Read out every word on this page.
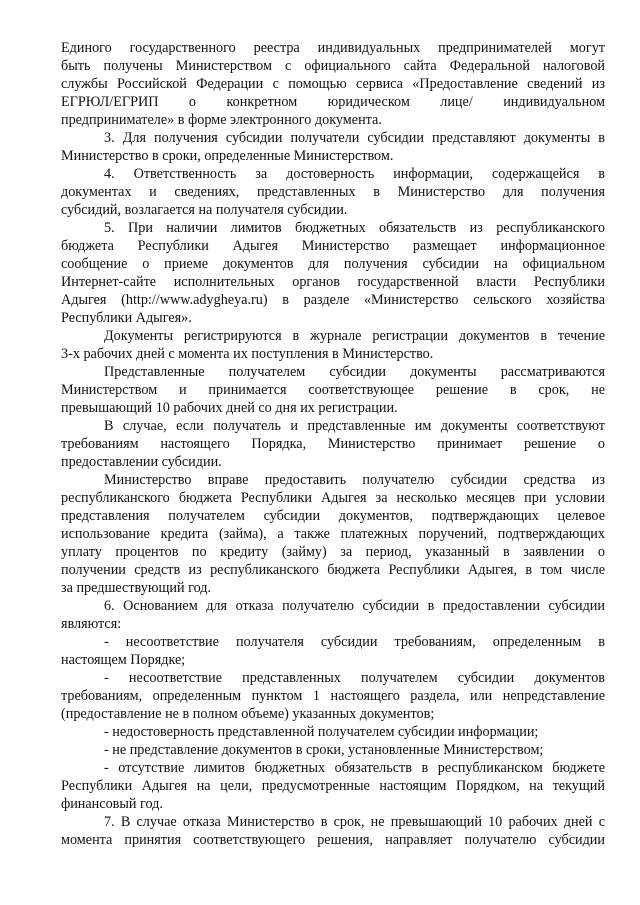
Единого государственного реестра индивидуальных предпринимателей могут
быть получены Министерством с официального сайта Федеральной налоговой
службы Российской Федерации с помощью сервиса «Предоставление сведений из
ЕГРЮЛ/ЕГРИП о конкретном юридическом лице/ индивидуальном
предпринимателе» в форме электронного документа.
3. Для получения субсидии получатели субсидии представляют документы в
Министерство в сроки, определенные Министерством.
4. Ответственность за достоверность информации, содержащейся в
документах и сведениях, представленных в Министерство для получения
субсидий, возлагается на получателя субсидии.
5. При наличии лимитов бюджетных обязательств из республиканского
бюджета Республики Адыгея Министерство размещает информационное
сообщение о приеме документов для получения субсидии на официальном
Интернет-сайте исполнительных органов государственной власти Республики
Адыгея (http://www.adygheya.ru) в разделе «Министерство сельского хозяйства
Республики Адыгея».
Документы регистрируются в журнале регистрации документов в течение
3-х рабочих дней с момента их поступления в Министерство.
Представленные получателем субсидии документы рассматриваются
Министерством и принимается соответствующее решение в срок, не
превышающий 10 рабочих дней со дня их регистрации.
В случае, если получатель и представленные им документы соответствуют
требованиям настоящего Порядка, Министерство принимает решение о
предоставлении субсидии.
Министерство вправе предоставить получателю субсидии средства из
республиканского бюджета Республики Адыгея за несколько месяцев при условии
представления получателем субсидии документов, подтверждающих целевое
использование кредита (займа), а также платежных поручений, подтверждающих
уплату процентов по кредиту (займу) за период, указанный в заявлении о
получении средств из республиканского бюджета Республики Адыгея, в том числе
за предшествующий год.
6. Основанием для отказа получателю субсидии в предоставлении субсидии
являются:
- несоответствие получателя субсидии требованиям, определенным в
настоящем Порядке;
- несоответствие представленных получателем субсидии документов
требованиям, определенным пунктом 1 настоящего раздела, или непредставление
(предоставление не в полном объеме) указанных документов;
- недостоверность представленной получателем субсидии информации;
- не представление документов в сроки, установленные Министерством;
- отсутствие лимитов бюджетных обязательств в республиканском бюджете
Республики Адыгея на цели, предусмотренные настоящим Порядком, на текущий
финансовый год.
7. В случае отказа Министерство в срок, не превышающий 10 рабочих дней с
момента принятия соответствующего решения, направляет получателю субсидии
